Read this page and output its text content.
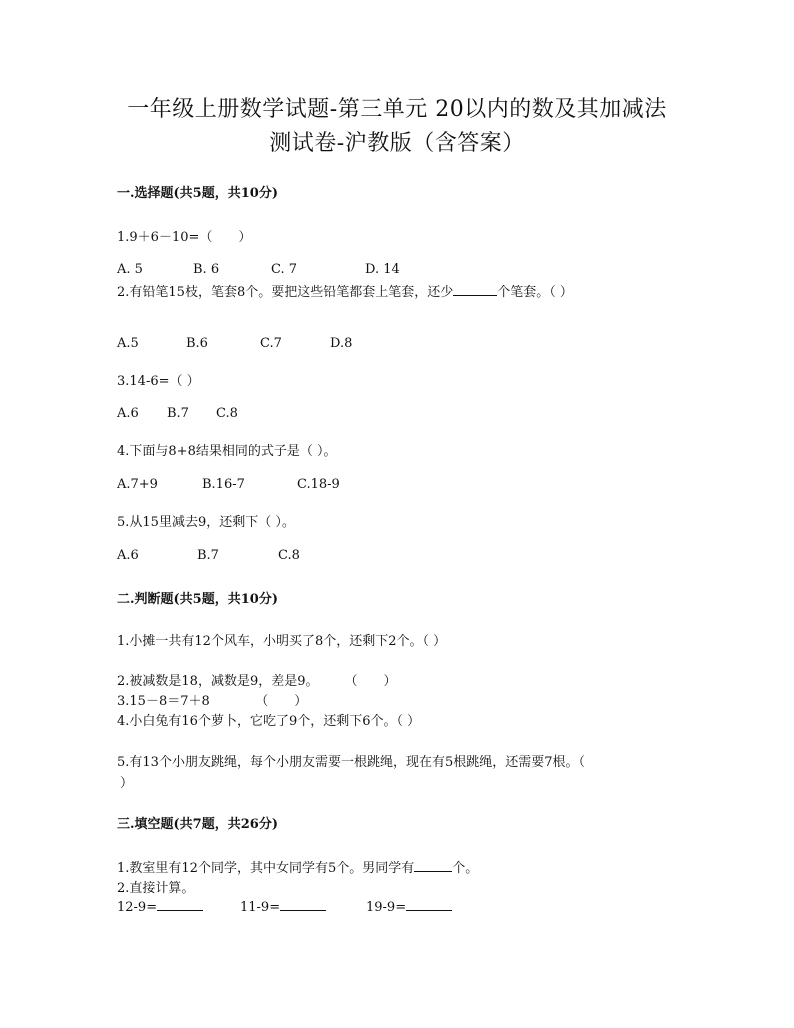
一年级上册数学试题-第三单元 20以内的数及其加减法
测试卷-沪教版（含答案）
一.选择题(共5题，共10分)
1.9＋6－10=（　　）
A. 5	B. 6	C. 7	D. 14
2.有铅笔15枝，笔套8个。要把这些铅笔都套上笔套，还少	个笔套。（ ）
A.5	B.6	C.7	D.8
3.14-6=（ ）
A.6 B.7 C.8
4.下面与8+8结果相同的式子是（ ）。
A.7+9	B.16-7	C.18-9
5.从15里减去9，还剩下（ ）。
A.6	B.7	C.8
二.判断题(共5题，共10分)
1.小摊一共有12个风车，小明买了8个，还剩下2个。（ ）
2.被减数是18，减数是9，差是9。　　　（　　）
3.15－8＝7＋8　　　　（　　）
4.小白兔有16个萝卜，它吃了9个，还剩下6个。（ ）
5.有13个小朋友跳绳，每个小朋友需要一根跳绳，现在有5根跳绳，还需要7根。（
）
三.填空题(共7题，共26分)
1.教室里有12个同学，其中女同学有5个。男同学有	个。
2.直接计算。
12-9=	11-9=	19-9=
